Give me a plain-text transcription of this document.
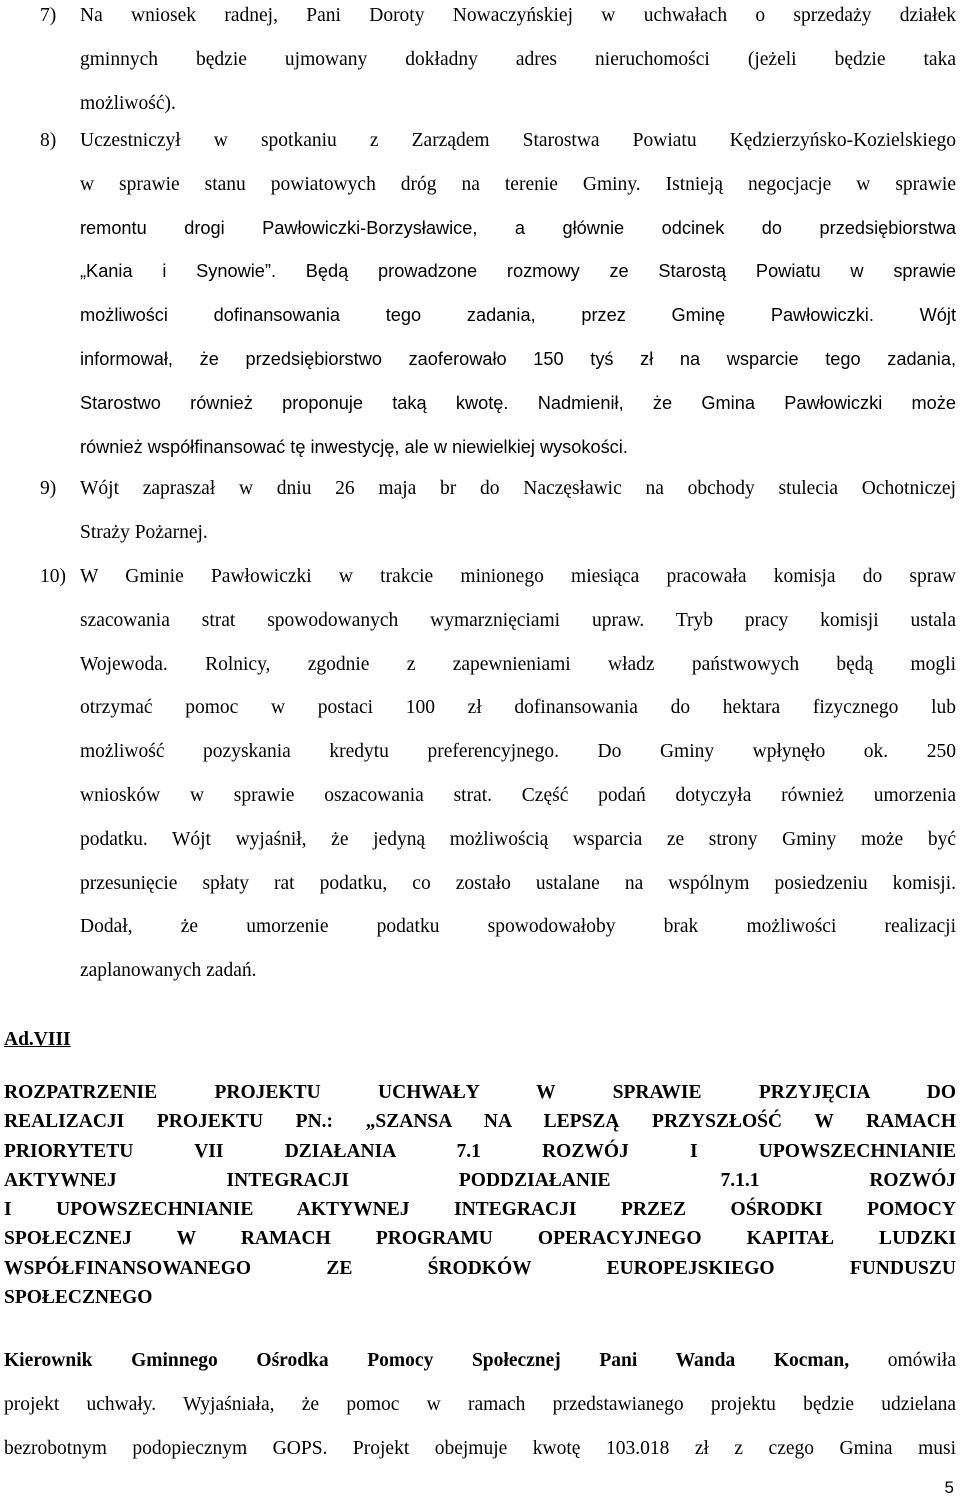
7) Na wniosek radnej, Pani Doroty Nowaczyńskiej w uchwałach o sprzedaży działek
gminnych będzie ujmowany dokładny adres nieruchomości (jeżeli będzie taka
możliwość).
8) Uczestniczył w spotkaniu z Zarządem Starostwa Powiatu Kędzierzyńsko-Kozielskiego
w sprawie stanu powiatowych dróg na terenie Gminy. Istnieją negocjacje w sprawie
remontu drogi Pawłowiczki-Borzysławice, a głównie odcinek do przedsiębiorstwa
„Kania i Synowie”. Będą prowadzone rozmowy ze Starostą Powiatu w sprawie
możliwości dofinansowania tego zadania, przez Gminę Pawłowiczki. Wójt
informował, że przedsiębiorstwo zaoferowało 150 tyś zł na wsparcie tego zadania,
Starostwo również proponuje taką kwotę. Nadmienił, że Gmina Pawłowiczki może
również współfinansować tę inwestycję, ale w niewielkiej wysokości.
9) Wójt zapraszał w dniu 26 maja br do Naczęsławic na obchody stulecia Ochotniczej
Straży Pożarnej.
10) W Gminie Pawłowiczki w trakcie minionego miesiąca pracowała komisja do spraw
szacowania strat spowodowanych wymarznięciami upraw. Tryb pracy komisji ustala
Wojewoda. Rolnicy, zgodnie z zapewnieniami władz państwowych będą mogli
otrzymać pomoc w postaci 100 zł dofinansowania do hektara fizycznego lub
możliwość pozyskania kredytu preferencyjnego. Do Gminy wpłynęło ok. 250
wniosków w sprawie oszacowania strat. Część podań dotyczyła również umorzenia
podatku. Wójt wyjaśnił, że jedyną możliwością wsparcia ze strony Gminy może być
przesunięcie spłaty rat podatku, co zostało ustalane na wspólnym posiedzeniu komisji.
Dodał, że umorzenie podatku spowodowałoby brak możliwości realizacji
zaplanowanych zadań.
Ad.VIII
ROZPATRZENIE PROJEKTU UCHWAŁY W SPRAWIE PRZYJĘCIA DO
REALIZACJI PROJEKTU PN.: „SZANSA NA LEPSZĄ PRZYSZŁOŚĆ W RAMACH
PRIORYTETU VII DZIAŁANIA 7.1 ROZWÓJ I UPOWSZECHNIANIE
AKTYWNEJ INTEGRACJI PODDZIAŁANIE 7.1.1 ROZWÓJ
I UPOWSZECHNIANIE AKTYWNEJ INTEGRACJI PRZEZ OŚRODKI POMOCY
SPOŁECZNEJ W RAMACH PROGRAMU OPERACYJNEGO KAPITAŁ LUDZKI
WSPÓŁFINANSOWANEGO ZE ŚRODKÓW EUROPEJSKIEGO FUNDUSZU
SPOŁECZNEGO
Kierownik Gminnego Ośrodka Pomocy Społecznej Pani Wanda Kocman, omówiła
projekt uchwały. Wyjaśniała, że pomoc w ramach przedstawianego projektu będzie udzielana
bezrobotnym podopiecznym GOPS. Projekt obejmuje kwotę 103.018 zł z czego Gmina musi
5
